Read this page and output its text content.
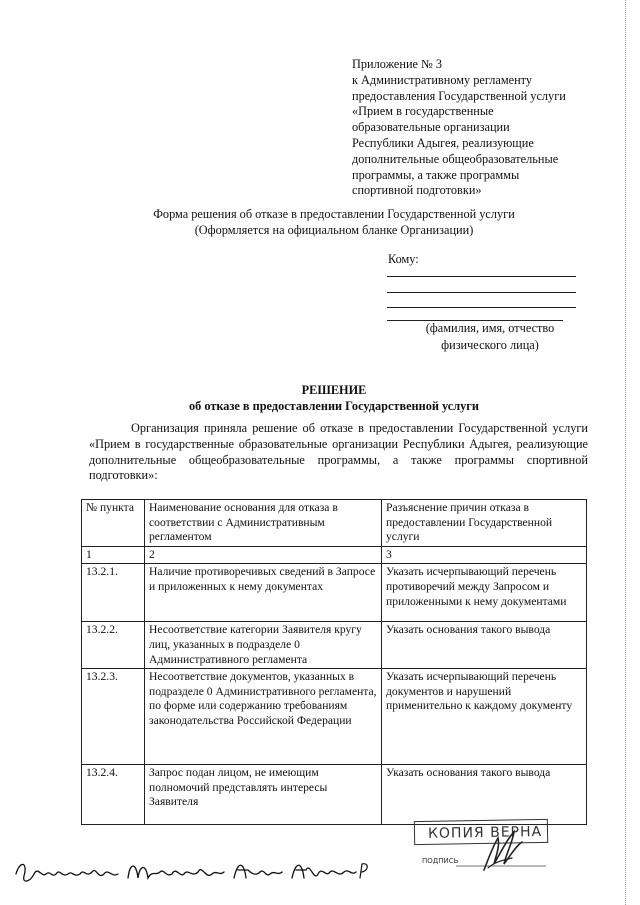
Приложение № 3
к Административному регламенту
предоставления Государственной услуги
«Прием в государственные
образовательные организации
Республики Адыгея, реализующие
дополнительные общеобразовательные
программы, а также программы
спортивной подготовки»
Форма решения об отказе в предоставлении Государственной услуги
(Оформляется на официальном бланке Организации)
Кому:
(фамилия, имя, отчество
физического лица)
РЕШЕНИЕ
об отказе в предоставлении Государственной услуги
Организация приняла решение об отказе в предоставлении Государственной услуги «Прием в государственные образовательные организации Республики Адыгея, реализующие дополнительные общеобразовательные программы, а также программы спортивной подготовки»:
№ пункта	Наименование основания для отказа в соответствии с Административным регламентом	Разъяснение причин отказа в предоставлении Государственной услуги
1	2	3
13.2.1.	Наличие противоречивых сведений в Запросе и приложенных к нему документах	Указать исчерпывающий перечень противоречий между Запросом и приложенными к нему документами
13.2.2.	Несоответствие категории Заявителя кругу лиц, указанных в подразделе 0 Административного регламента	Указать основания такого вывода
13.2.3.	Несоответствие документов, указанных в подразделе 0 Административного регламента, по форме или содержанию требованиям законодательства Российской Федерации	Указать исчерпывающий перечень документов и нарушений применительно к каждому документу
13.2.4.	Запрос подан лицом, не имеющим полномочий представлять интересы Заявителя	Указать основания такого вывода
КОПИЯ ВЕРНА
ПОДПИСЬ
